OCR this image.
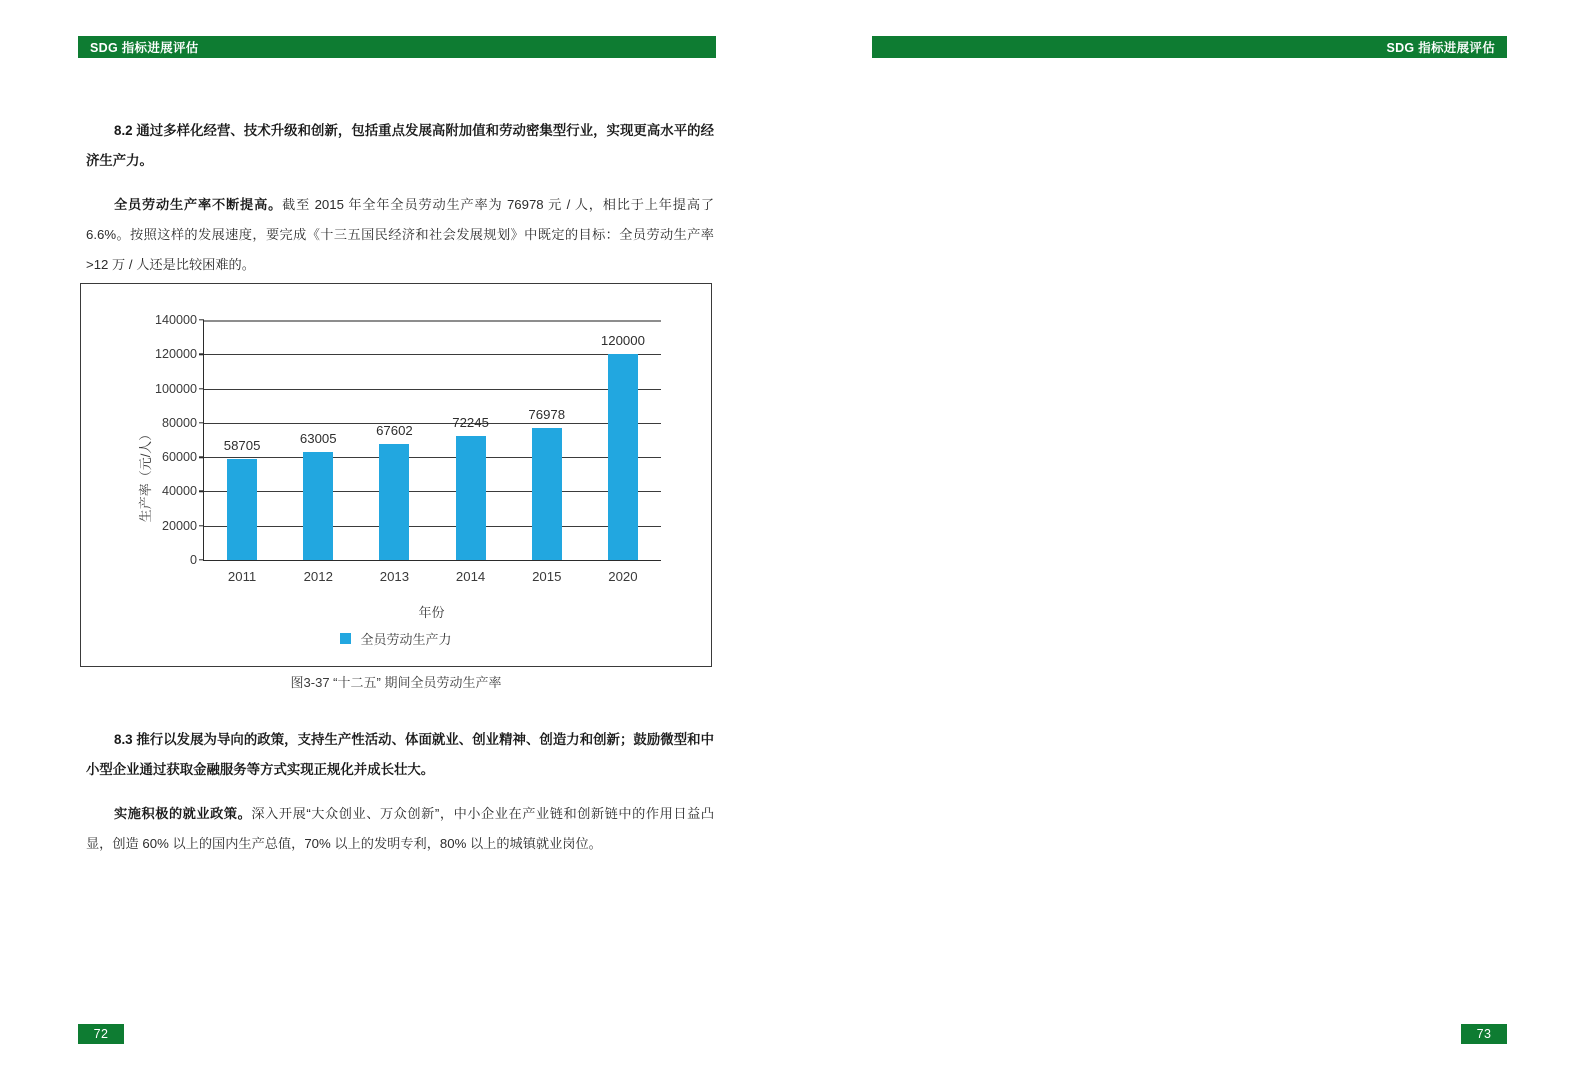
SDG 指标进展评估

8.2 通过多样化经营、技术升级和创新，包括重点发展高附加值和劳动密集型行业，实现更高水平的经济生产力。

全员劳动生产率不断提高。截至 2015 年全年全员劳动生产率为 76978 元 / 人，相比于上年提高了 6.6%。按照这样的发展速度，要完成《十三五国民经济和社会发展规划》中既定的目标：全员劳动生产率 >12 万 / 人还是比较困难的。

生产率（元/人）
0
20000
40000
60000
80000
100000
120000
140000
58705
2011
63005
2012
67602
2013
72245
2014
76978
2015
120000
2020
年份
全员劳动生产力
图3-37 “十二五” 期间全员劳动生产率

8.3 推行以发展为导向的政策，支持生产性活动、体面就业、创业精神、创造力和创新；鼓励微型和中小型企业通过获取金融服务等方式实现正规化并成长壮大。

实施积极的就业政策。深入开展“大众创业、万众创新”，中小企业在产业链和创新链中的作用日益凸显，创造 60% 以上的国内生产总值，70% 以上的发明专利，80% 以上的城镇就业岗位。

72
SDG 指标进展评估

73
